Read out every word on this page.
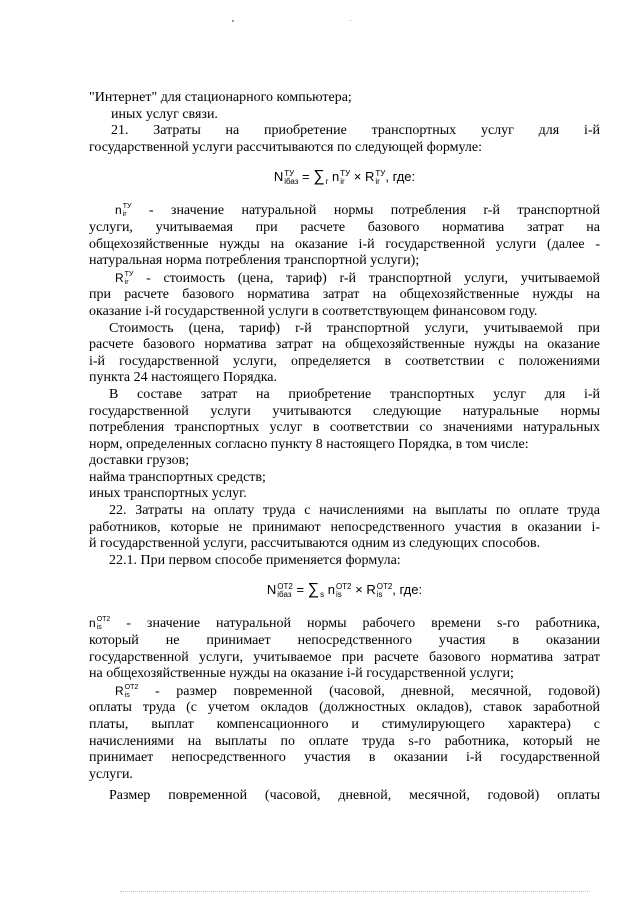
"Интернет" для стационарного компьютера;
иных услуг связи.
21. Затраты на приобретение транспортных услуг для i-й
государственной услуги рассчитываются по следующей формуле:
N ТУ
iбаз = ∑
r n ТУ
ir × R ТУ
ir , где:
n ТУ
ir - значение натуральной нормы потребления r-й транспортной
услуги, учитываемая при расчете базового норматива затрат на
общехозяйственные нужды на оказание i-й государственной услуги (далее -
натуральная норма потребления транспортной услуги);
R ТУ
ir - стоимость (цена, тариф) r-й транспортной услуги, учитываемой
при расчете базового норматива затрат на общехозяйственные нужды на
оказание i-й государственной услуги в соответствующем финансовом году.
Стоимость (цена, тариф) r-й транспортной услуги, учитываемой при
расчете базового норматива затрат на общехозяйственные нужды на оказание
i-й государственной услуги, определяется в соответствии с положениями
пункта 24 настоящего Порядка.
В составе затрат на приобретение транспортных услуг для i-й
государственной услуги учитываются следующие натуральные нормы
потребления транспортных услуг в соответствии со значениями натуральных
норм, определенных согласно пункту 8 настоящего Порядка, в том числе:
доставки грузов;
найма транспортных средств;
иных транспортных услуг.
22. Затраты на оплату труда с начислениями на выплаты по оплате труда
работников, которые не принимают непосредственного участия в оказании i-
й государственной услуги, рассчитываются одним из следующих способов.
22.1. При первом способе применяется формула:
N ОТ2
iбаз = ∑
s n ОТ2
is × R ОТ2
is , где:
n ОТ2
is - значение натуральной нормы рабочего времени s-го работника,
который не принимает непосредственного участия в оказании
государственной услуги, учитываемое при расчете базового норматива затрат
на общехозяйственные нужды на оказание i-й государственной услуги;
R ОТ2
is - размер повременной (часовой, дневной, месячной, годовой)
оплаты труда (с учетом окладов (должностных окладов), ставок заработной
платы, выплат компенсационного и стимулирующего характера) с
начислениями на выплаты по оплате труда s-го работника, который не
принимает непосредственного участия в оказании i-й государственной
услуги.
Размер повременной (часовой, дневной, месячной, годовой) оплаты
